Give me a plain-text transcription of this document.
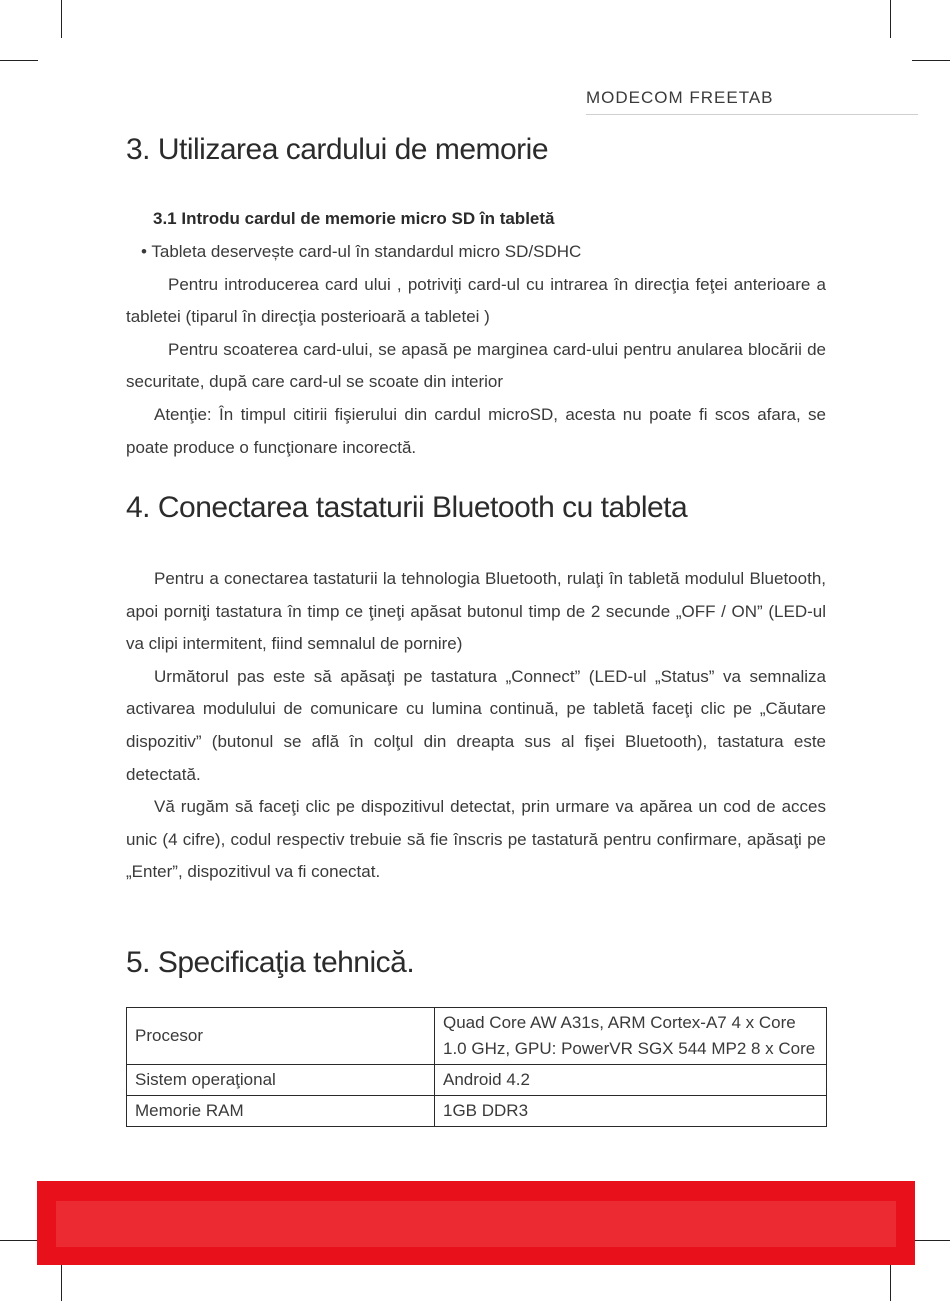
MODECOM FREETAB
3. Utilizarea cardului de memorie
3.1 Introdu cardul de memorie micro SD în tabletă

• Tableta deservește card-ul în standardul micro SD/SDHC

Pentru introducerea card ului , potriviţi card-ul cu intrarea în direcţia feţei anterioare a tabletei (tiparul în direcţia posterioară a tabletei )

Pentru scoaterea card-ului, se apasă pe marginea card-ului pentru anularea blocării de securitate, după care card-ul se scoate din interior

Atenţie: În timpul citirii fişierului din cardul microSD, acesta nu poate fi scos afara, se poate produce o funcţionare incorectă.

4. Conectarea tastaturii Bluetooth cu tableta

Pentru a conectarea tastaturii la tehnologia Bluetooth, rulaţi în tabletă modulul Bluetooth, apoi porniţi tastatura în timp ce ţineţi apăsat butonul timp de 2 secunde „OFF / ON” (LED-ul va clipi intermitent, fiind semnalul de pornire)

Următorul pas este să apăsaţi pe tastatura „Connect” (LED-ul „Status” va semnaliza activarea modulului de comunicare cu lumina continuă, pe tabletă faceţi clic pe „Căutare dispozitiv” (butonul se află în colţul din dreapta sus al fişei Bluetooth), tastatura este detectată.

Vă rugăm să faceţi clic pe dispozitivul detectat, prin urmare va apărea un cod de acces unic (4 cifre), codul respectiv trebuie să fie înscris pe tastatură pentru confirmare, apăsaţi pe „Enter”, dispozitivul va fi conectat.

5. Specificaţia tehnică.
Procesor	Quad Core AW A31s, ARM Cortex-A7 4 x Core 1.0 GHz, GPU: PowerVR SGX 544 MP2 8 x Core
Sistem operaţional	Android 4.2
Memorie RAM	1GB DDR3
